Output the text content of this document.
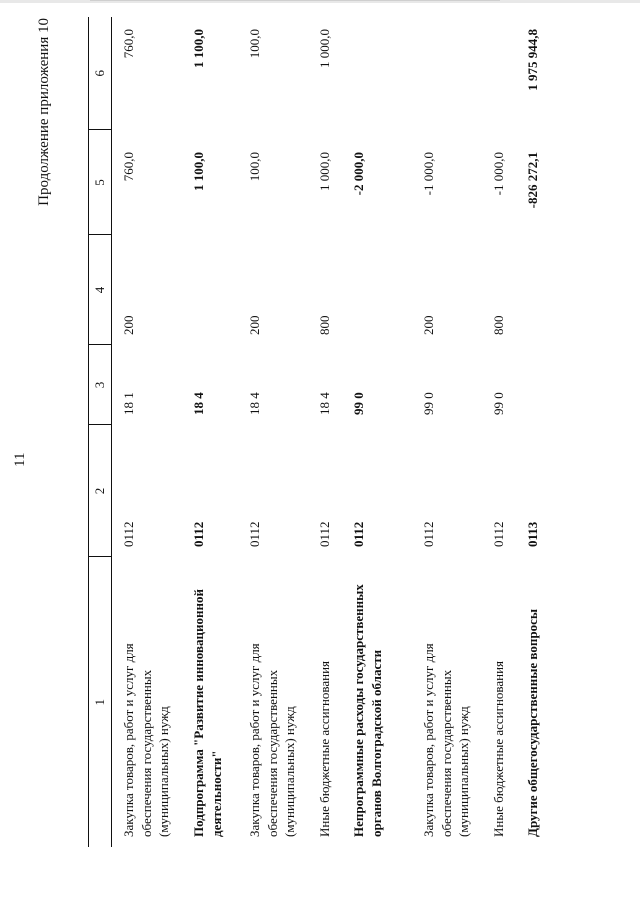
11
Продолжение приложения 10
1	2	3	4	5	6
Закупка товаров, работ и услуг для обеспечения государственных (муниципальных) нужд	0112	18 1	200	760,0	760,0
Подпрограмма "Развитие инновационной деятельности"	0112	18 4		1 100,0	1 100,0
Закупка товаров, работ и услуг для обеспечения государственных (муниципальных) нужд	0112	18 4	200	100,0	100,0
Иные бюджетные ассигнования	0112	18 4	800	1 000,0	1 000,0
Непрограммные расходы государственных органов Волгоградской области	0112	99 0		-2 000,0	
Закупка товаров, работ и услуг для обеспечения государственных (муниципальных) нужд	0112	99 0	200	-1 000,0	
Иные бюджетные ассигнования	0112	99 0	800	-1 000,0	
Другие общегосударственные вопросы	0113			-826 272,1	1 975 944,8
